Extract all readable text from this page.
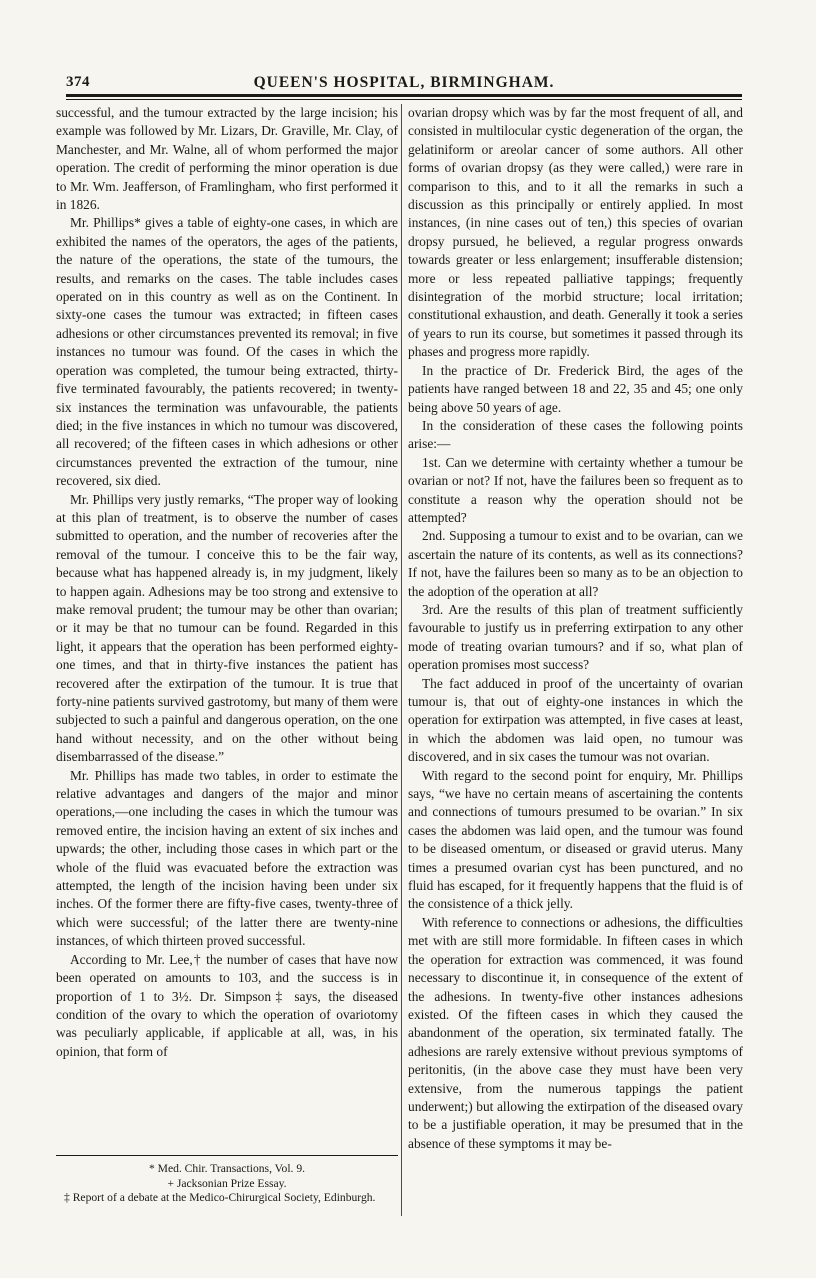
374	QUEEN'S HOSPITAL, BIRMINGHAM.

successful, and the tumour extracted by the large incision; his example was followed by Mr. Lizars, Dr. Graville, Mr. Clay, of Manchester, and Mr. Walne, all of whom performed the major operation. The credit of performing the minor operation is due to Mr. Wm. Jeafferson, of Framlingham, who first performed it in 1826.

Mr. Phillips* gives a table of eighty-one cases, in which are exhibited the names of the operators, the ages of the patients, the nature of the operations, the state of the tumours, the results, and remarks on the cases. The table includes cases operated on in this country as well as on the Continent. In sixty-one cases the tumour was extracted; in fifteen cases adhesions or other circumstances prevented its removal; in five instances no tumour was found. Of the cases in which the operation was completed, the tumour being extracted, thirty-five terminated favourably, the patients recovered; in twenty-six instances the termination was unfavourable, the patients died; in the five instances in which no tumour was discovered, all recovered; of the fifteen cases in which adhesions or other circumstances prevented the extraction of the tumour, nine recovered, six died.

Mr. Phillips very justly remarks, “The proper way of looking at this plan of treatment, is to observe the number of cases submitted to operation, and the number of recoveries after the removal of the tumour. I conceive this to be the fair way, because what has happened already is, in my judgment, likely to happen again. Adhesions may be too strong and extensive to make removal prudent; the tumour may be other than ovarian; or it may be that no tumour can be found. Regarded in this light, it appears that the operation has been performed eighty-one times, and that in thirty-five instances the patient has recovered after the extirpation of the tumour. It is true that forty-nine patients survived gastrotomy, but many of them were subjected to such a painful and dangerous operation, on the one hand without necessity, and on the other without being disembarrassed of the disease.”

Mr. Phillips has made two tables, in order to estimate the relative advantages and dangers of the major and minor operations,—one including the cases in which the tumour was removed entire, the incision having an extent of six inches and upwards; the other, including those cases in which part or the whole of the fluid was evacuated before the extraction was attempted, the length of the incision having been under six inches. Of the former there are fifty-five cases, twenty-three of which were successful; of the latter there are twenty-nine instances, of which thirteen proved successful.

According to Mr. Lee,† the number of cases that have now been operated on amounts to 103, and the success is in proportion of 1 to 3½. Dr. Simpson‡ says, the diseased condition of the ovary to which the operation of ovariotomy was peculiarly applicable, if applicable at all, was, in his opinion, that form of

ovarian dropsy which was by far the most frequent of all, and consisted in multilocular cystic degeneration of the organ, the gelatiniform or areolar cancer of some authors. All other forms of ovarian dropsy (as they were called,) were rare in comparison to this, and to it all the remarks in such a discussion as this principally or entirely applied. In most instances, (in nine cases out of ten,) this species of ovarian dropsy pursued, he believed, a regular progress onwards towards greater or less enlargement; insufferable distension; more or less repeated palliative tappings; frequently disintegration of the morbid structure; local irritation; constitutional exhaustion, and death. Generally it took a series of years to run its course, but sometimes it passed through its phases and progress more rapidly.

In the practice of Dr. Frederick Bird, the ages of the patients have ranged between 18 and 22, 35 and 45; one only being above 50 years of age.

In the consideration of these cases the following points arise:—

1st. Can we determine with certainty whether a tumour be ovarian or not? If not, have the failures been so frequent as to constitute a reason why the operation should not be attempted?

2nd. Supposing a tumour to exist and to be ovarian, can we ascertain the nature of its contents, as well as its connections? If not, have the failures been so many as to be an objection to the adoption of the operation at all?

3rd. Are the results of this plan of treatment sufficiently favourable to justify us in preferring extirpation to any other mode of treating ovarian tumours? and if so, what plan of operation promises most success?

The fact adduced in proof of the uncertainty of ovarian tumour is, that out of eighty-one instances in which the operation for extirpation was attempted, in five cases at least, in which the abdomen was laid open, no tumour was discovered, and in six cases the tumour was not ovarian.

With regard to the second point for enquiry, Mr. Phillips says, “we have no certain means of ascertaining the contents and connections of tumours presumed to be ovarian.” In six cases the abdomen was laid open, and the tumour was found to be diseased omentum, or diseased or gravid uterus. Many times a presumed ovarian cyst has been punctured, and no fluid has escaped, for it frequently happens that the fluid is of the consistence of a thick jelly.

With reference to connections or adhesions, the difficulties met with are still more formidable. In fifteen cases in which the operation for extraction was commenced, it was found necessary to discontinue it, in consequence of the extent of the adhesions. In twenty-five other instances adhesions existed. Of the fifteen cases in which they caused the abandonment of the operation, six terminated fatally. The adhesions are rarely extensive without previous symptoms of peritonitis, (in the above case they must have been very extensive, from the numerous tappings the patient underwent;) but allowing the extirpation of the diseased ovary to be a justifiable operation, it may be presumed that in the absence of these symptoms it may be-

* Med. Chir. Transactions, Vol. 9.
+ Jacksonian Prize Essay.
‡ Report of a debate at the Medico-Chirurgical Society, Edinburgh.
